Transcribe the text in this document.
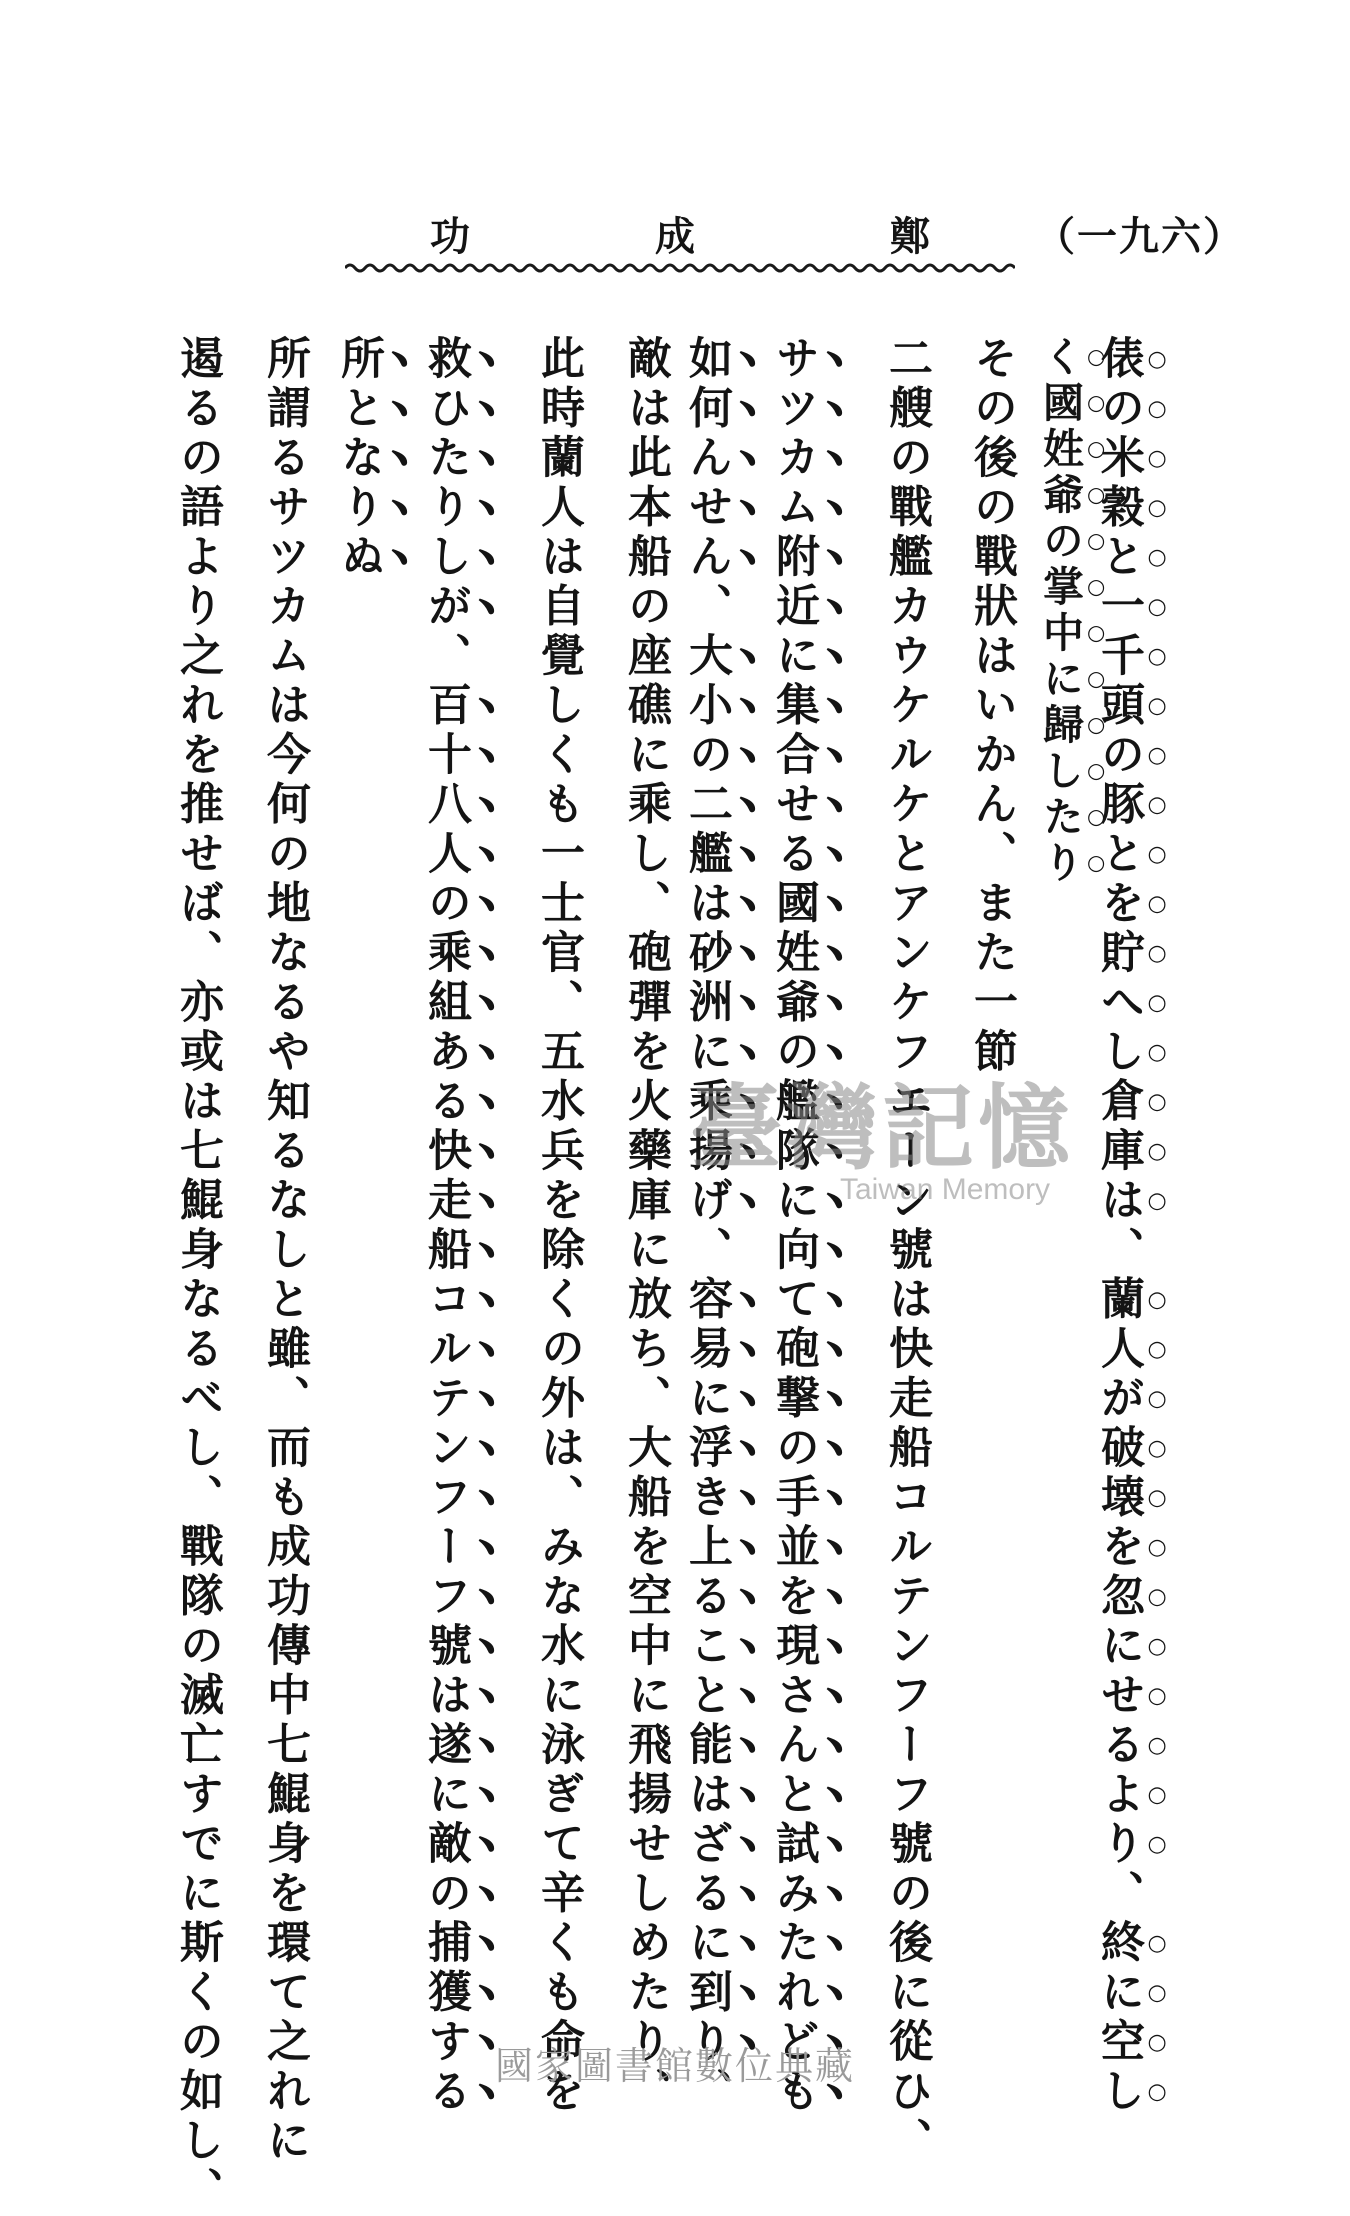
（一九六）
鄭
成
功
俵の米穀と一千頭の豚とを貯へし倉庫は、蘭人が破壊を忽にせるより、終に空し
く國姓爺の掌中に歸したり
その後の戰狀はいかん、また一節
二艘の戰艦カウケルケとアンケフエーン號は快走船コルテンフーフ號の後に從ひ、
サツカム附近に集合せる國姓爺の艦隊に向て砲撃の手並を現さんと試みたれども
如何んせん、大小の二艦は砂洲に乘揚げ、容易に浮き上ること能はざるに到り、
敵は此本船の座礁に乘し、砲彈を火藥庫に放ち、大船を空中に飛揚せしめたり、
此時蘭人は自覺しくも一士官、五水兵を除くの外は、みな水に泳ぎて辛くも命を
救ひたりしが、百十八人の乘組ある快走船コルテンフーフ號は遂に敵の捕獲する
所となりぬ
所謂るサツカムは今何の地なるや知るなしと雖、而も成功傳中七鯤身を環て之れに
遏るの語より之れを推せば、亦或は七鯤身なるべし、戰隊の滅亡すでに斯くの如し、	臺灣記憶
Taiwan Memory
國家圖書館數位典藏
